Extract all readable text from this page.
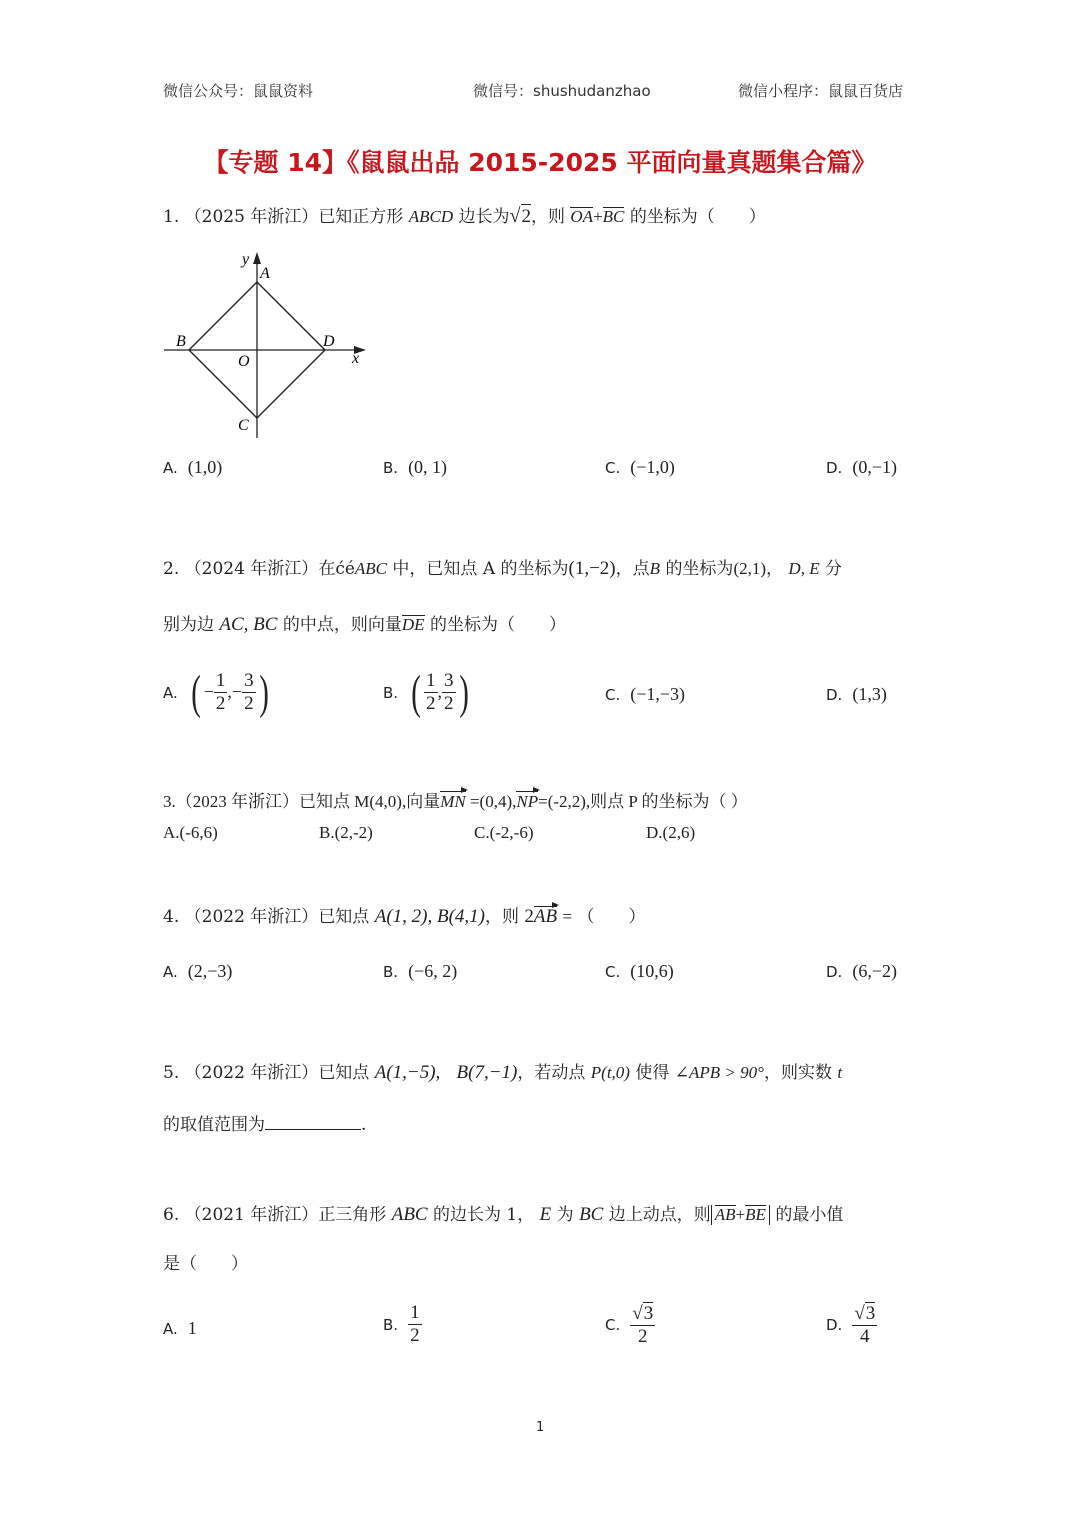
微信公众号：鼠鼠资料	微信号：shushudanzhao	微信小程序：鼠鼠百货店
【专题 14】《鼠鼠出品 2015-2025 平面向量真题集合篇》
1. （2025 年浙江）已知正方形 ABCD 边长为√2，则 OA+BC 的坐标为（　　）
y
A
B	D
x
O
C
A. (1,0)	B. (0, 1)	C. (−1,0)	D. (0,−1)
2. （2024 年浙江）在ćéABC 中，已知点 A 的坐标为(1,−2)，点B 的坐标为(2,1)， D, E 分
别为边 AC, BC 的中点，则向量DE 的坐标为（　　）
A. ( − $\frac{1}{2}$ ,− $\frac{3}{2}$ )	B. ( $\frac{1}{2}$ , $\frac{3}{2}$ )	C. (−1,−3)	D. (1,3)
3.（2023 年浙江）已知点 M(4,0),向量MN =(0,4),NP=(-2,2),则点 P 的坐标为（ ）
A.(-6,6)	B.(2,-2)	C.(-2,-6)	D.(2,6)
4. （2022 年浙江）已知点 A(1, 2), B(4,1)，则 2AB = （　　）
A. (2,−3)	B. (−6, 2)	C. (10,6)	D. (6,−2)
5. （2022 年浙江）已知点 A(1,−5), B(7,−1)，若动点 P(t,0) 使得 ∠APB > 90°，则实数 t
的取值范围为	.
6. （2021 年浙江）正三角形 ABC 的边长为 1， E 为 BC 边上动点，则 AB+BE 的最小值
是（　　）
A. 1	B. $\frac{1}{2}$	C. $\frac{√3}{2}$	D. $\frac{√3}{4}$
1
